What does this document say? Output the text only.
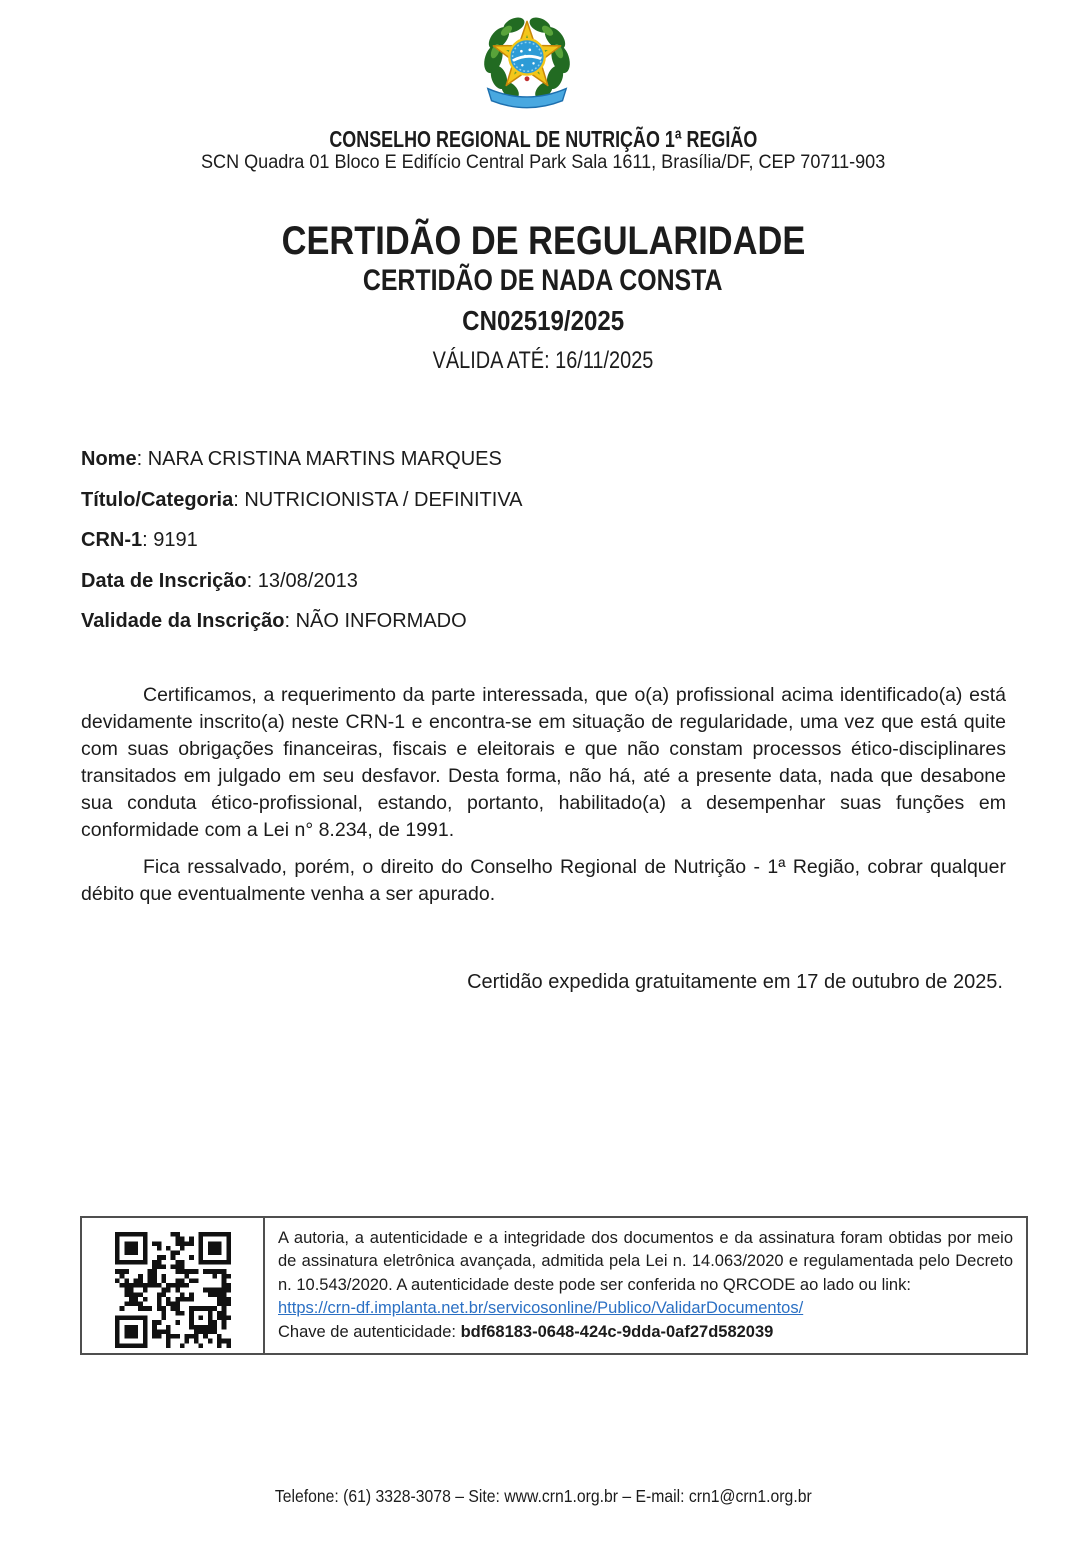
CONSELHO REGIONAL DE NUTRIÇÃO 1ª REGIÃO
SCN Quadra 01 Bloco E Edifício Central Park Sala 1611, Brasília/DF, CEP 70711-903
CERTIDÃO DE REGULARIDADE
CERTIDÃO DE NADA CONSTA
CN02519/2025
VÁLIDA ATÉ: 16/11/2025
Nome: NARA CRISTINA MARTINS MARQUES
Título/Categoria: NUTRICIONISTA / DEFINITIVA
CRN-1: 9191
Data de Inscrição: 13/08/2013
Validade da Inscrição: NÃO INFORMADO

Certificamos, a requerimento da parte interessada, que o(a) profissional acima identificado(a) está devidamente inscrito(a) neste CRN-1 e encontra-se em situação de regularidade, uma vez que está quite com suas obrigações financeiras, fiscais e eleitorais e que não constam processos ético-disciplinares transitados em julgado em seu desfavor. Desta forma, não há, até a presente data, nada que desabone sua conduta ético-profissional, estando, portanto, habilitado(a) a desempenhar suas funções em conformidade com a Lei n° 8.234, de 1991.

Fica ressalvado, porém, o direito do Conselho Regional de Nutrição - 1ª Região, cobrar qualquer débito que eventualmente venha a ser apurado.

Certidão expedida gratuitamente em 17 de outubro de 2025.
A autoria, a autenticidade e a integridade dos documentos e da assinatura foram obtidas por meio de assinatura eletrônica avançada, admitida pela Lei n. 14.063/2020 e regulamentada pelo Decreto n. 10.543/2020. A autenticidade deste pode ser conferida no QRCODE ao lado ou link:
https://crn-df.implanta.net.br/servicosonline/Publico/ValidarDocumentos/
Chave de autenticidade: bdf68183-0648-424c-9dda-0af27d582039
Telefone: (61) 3328-3078 – Site: www.crn1.org.br – E-mail: crn1@crn1.org.br
